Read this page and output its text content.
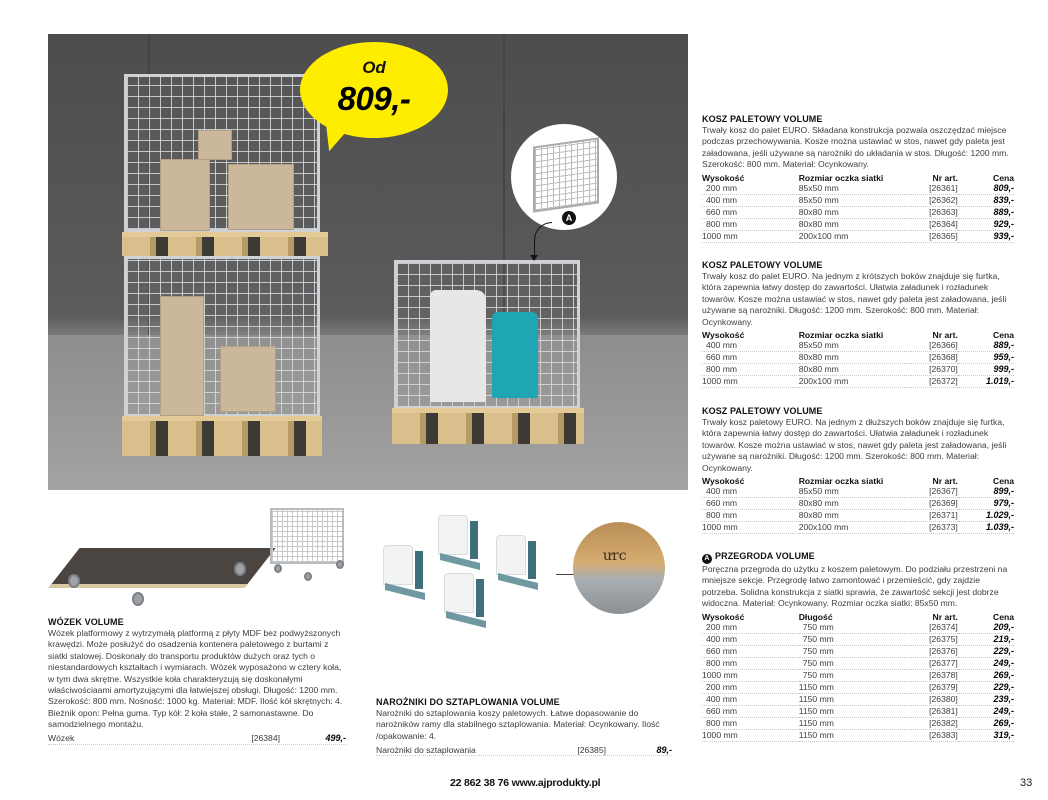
Od
809,-
A
ưrc
KOSZ PALETOWY VOLUME
Trwały kosz do palet EURO. Składana konstrukcja pozwala oszczędzać miejsce podczas przechowywania. Kosze można ustawiać w stos, nawet gdy paleta jest załadowana, jeśli używane są narożniki do układania w stos. Długość: 1200 mm. Szerokość: 800 mm. Materiał: Ocynkowany.
Wysokość	Rozmiar oczka siatki	Nr art.	Cena
200 mm	85x50 mm	[26361]	809,-
400 mm	85x50 mm	[26362]	839,-
660 mm	80x80 mm	[26363]	889,-
800 mm	80x80 mm	[26364]	929,-
1000 mm	200x100 mm	[26365]	939,-
KOSZ PALETOWY VOLUME
Trwały kosz do palet EURO. Na jednym z krótszych boków znajduje się furtka, która zapewnia łatwy dostęp do zawartości. Ułatwia załadunek i rozładunek towarów. Kosze można ustawiać w stos, nawet gdy paleta jest załadowana, jeśli używane są narożniki. Długość: 1200 mm. Szerokość: 800 mm. Materiał: Ocynkowany.
Wysokość	Rozmiar oczka siatki	Nr art.	Cena
400 mm	85x50 mm	[26366]	889,-
660 mm	80x80 mm	[26368]	959,-
800 mm	80x80 mm	[26370]	999,-
1000 mm	200x100 mm	[26372]	1.019,-
KOSZ PALETOWY VOLUME
Trwały kosz paletowy EURO. Na jednym z dłuższych boków znajduje się furtka, która zapewnia łatwy dostęp do zawartości. Ułatwia załadunek i rozładunek towarów. Kosze można ustawiać w stos, nawet gdy paleta jest załadowana, jeśli używane są narożniki. Długość: 1200 mm. Szerokość: 800 mm. Materiał: Ocynkowany.
Wysokość	Rozmiar oczka siatki	Nr art.	Cena
400 mm	85x50 mm	[26367]	899,-
660 mm	80x80 mm	[26369]	979,-
800 mm	80x80 mm	[26371]	1.029,-
1000 mm	200x100 mm	[26373]	1.039,-
A PRZEGRODA VOLUME
Poręczna przegroda do użytku z koszem paletowym. Do podziału przestrzeni na mniejsze sekcje. Przegrodę łatwo zamontować i przemieścić, gdy zajdzie potrzeba. Solidna konstrukcja z siatki sprawia, że zawartość sekcji jest dobrze widoczna. Materiał: Ocynkowany. Rozmiar oczka siatki: 85x50 mm.
Wysokość	Długość	Nr art.	Cena
200 mm	750 mm	[26374]	209,-
400 mm	750 mm	[26375]	219,-
660 mm	750 mm	[26376]	229,-
800 mm	750 mm	[26377]	249,-
1000 mm	750 mm	[26378]	269,-
200 mm	1150 mm	[26379]	229,-
400 mm	1150 mm	[26380]	239,-
660 mm	1150 mm	[26381]	249,-
800 mm	1150 mm	[26382]	269,-
1000 mm	1150 mm	[26383]	319,-
WÓZEK VOLUME
Wózek platformowy z wytrzymałą platformą z płyty MDF bez podwyższonych krawędzi. Może posłużyć do osadzenia kontenera paletowego z burtami z siatki stalowej. Doskonały do transportu produktów dużych oraz tych o niestandardowych kształtach i wymiarach. Wózek wyposażono w cztery koła, w tym dwa skrętne. Wszystkie koła charakteryzują się doskonałymi właściwościaami amortyzującymi dla łatwiejszej obsługi. Długość: 1200 mm. Szerokość: 800 mm. Nośność: 1000 kg. Materiał: MDF. Ilość kół skrętnych: 4. Bieżnik opon: Pełna guma. Typ kół: 2 koła stałe, 2 samonastawne. Do samodzielnego montażu.
Wózek	[26384]	499,-
NAROŻNIKI DO SZTAPLOWANIA VOLUME
Narożniki do sztaplowania koszy paletowych. Łatwe dopasowanie do narożników ramy dla stabilnego sztaplowania. Materiał: Ocynkowany. Ilość /opakowanie: 4.
Narożniki do sztaplowania	[26385]	89,-
22 862 38 76 www.ajprodukty.pl	33
